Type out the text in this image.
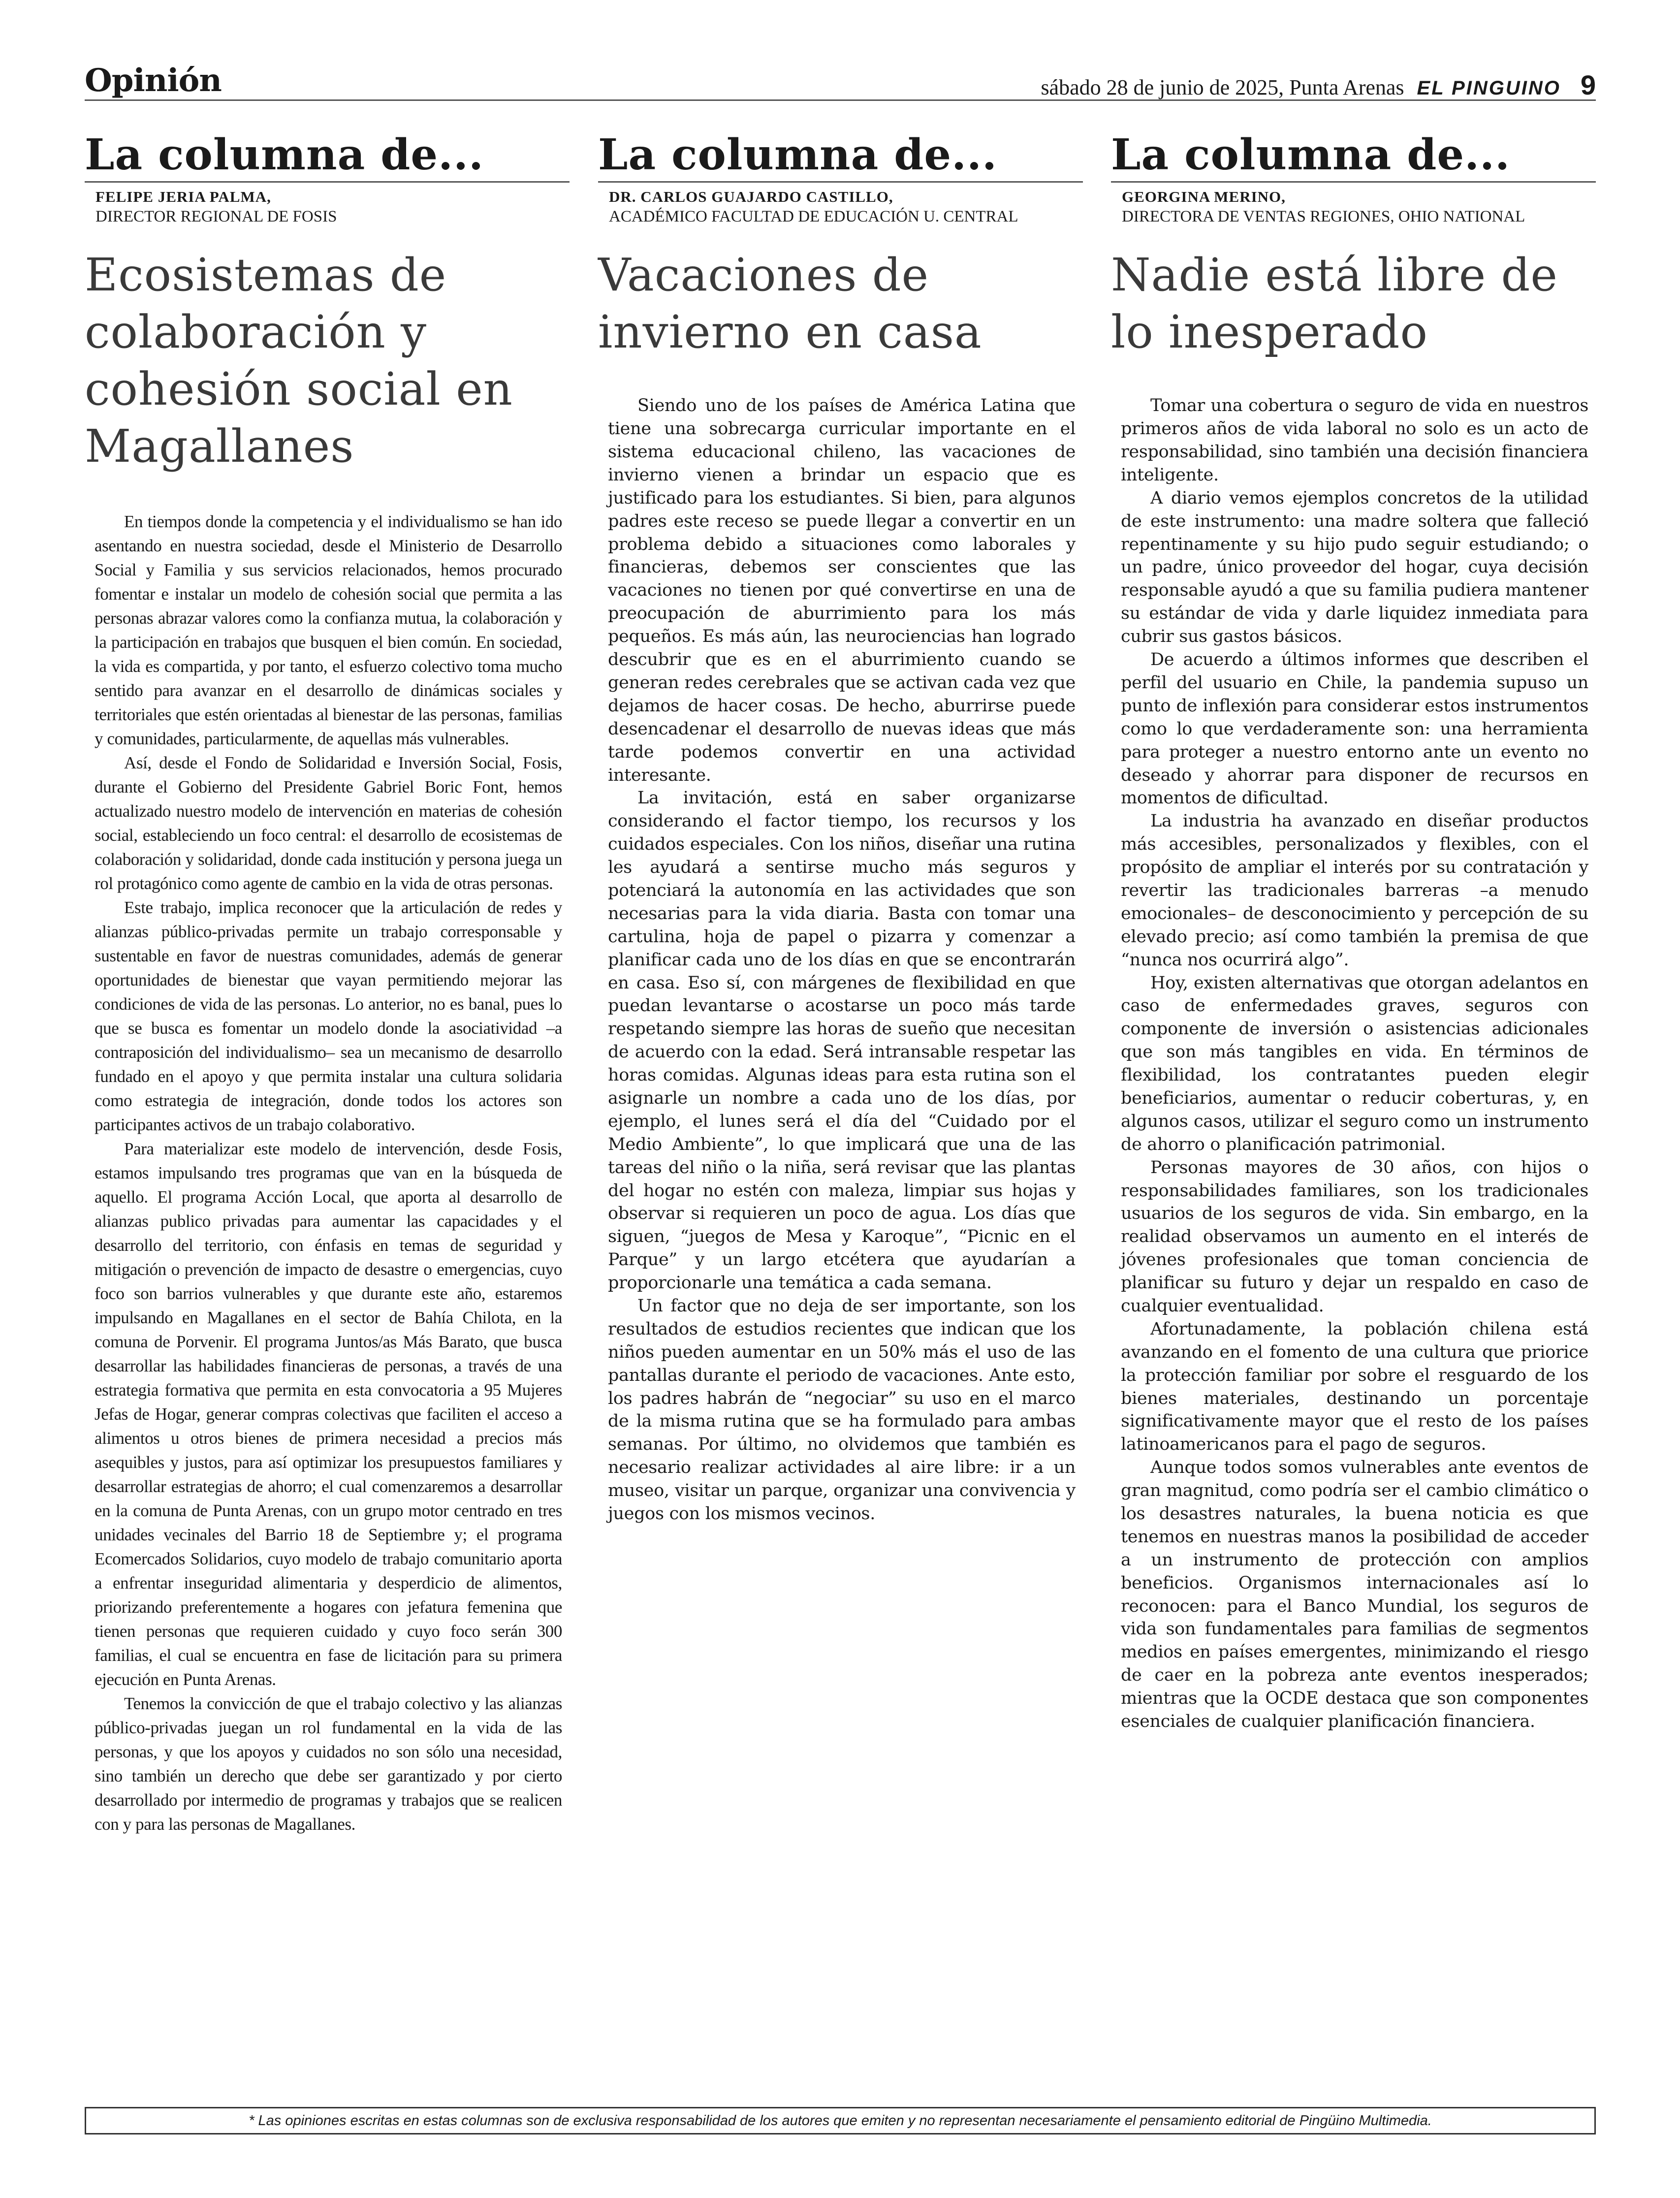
Opinión	sábado 28 de junio de 2025, Punta Arenas EL PINGUINO 9
La columna de...
FELIPE JERIA PALMA,
DIRECTOR REGIONAL DE FOSIS
Ecosistemas de colaboración y cohesión social en Magallanes

En tiempos donde la competencia y el individualismo se han ido asentando en nuestra sociedad, desde el Ministerio de Desarrollo Social y Familia y sus servicios relacionados, hemos procurado fomentar e instalar un modelo de cohesión social que permita a las personas abrazar valores como la confianza mutua, la colaboración y la participación en trabajos que busquen el bien común. En sociedad, la vida es compartida, y por tanto, el esfuerzo colectivo toma mucho sentido para avanzar en el desarrollo de dinámicas sociales y territoriales que estén orientadas al bienestar de las personas, familias y comunidades, particularmente, de aquellas más vulnerables.

Así, desde el Fondo de Solidaridad e Inversión Social, Fosis, durante el Gobierno del Presidente Gabriel Boric Font, hemos actualizado nuestro modelo de intervención en materias de cohesión social, estableciendo un foco central: el desarrollo de ecosistemas de colaboración y solidaridad, donde cada institución y persona juega un rol protagónico como agente de cambio en la vida de otras personas.

Este trabajo, implica reconocer que la articulación de redes y alianzas público-privadas permite un trabajo corresponsable y sustentable en favor de nuestras comunidades, además de generar oportunidades de bienestar que vayan permitiendo mejorar las condiciones de vida de las personas. Lo anterior, no es banal, pues lo que se busca es fomentar un modelo donde la asociatividad –a contraposición del individualismo– sea un mecanismo de desarrollo fundado en el apoyo y que permita instalar una cultura solidaria como estrategia de integración, donde todos los actores son participantes activos de un trabajo colaborativo.

Para materializar este modelo de intervención, desde Fosis, estamos impulsando tres programas que van en la búsqueda de aquello. El programa Acción Local, que aporta al desarrollo de alianzas publico privadas para aumentar las capacidades y el desarrollo del territorio, con énfasis en temas de seguridad y mitigación o prevención de impacto de desastre o emergencias, cuyo foco son barrios vulnerables y que durante este año, estaremos impulsando en Magallanes en el sector de Bahía Chilota, en la comuna de Porvenir. El programa Juntos/as Más Barato, que busca desarrollar las habilidades financieras de personas, a través de una estrategia formativa que permita en esta convocatoria a 95 Mujeres Jefas de Hogar, generar compras colectivas que faciliten el acceso a alimentos u otros bienes de primera necesidad a precios más asequibles y justos, para así optimizar los presupuestos familiares y desarrollar estrategias de ahorro; el cual comenzaremos a desarrollar en la comuna de Punta Arenas, con un grupo motor centrado en tres unidades vecinales del Barrio 18 de Septiembre y; el programa Ecomercados Solidarios, cuyo modelo de trabajo comunitario aporta a enfrentar inseguridad alimentaria y desperdicio de alimentos, priorizando preferentemente a hogares con jefatura femenina que tienen personas que requieren cuidado y cuyo foco serán 300 familias, el cual se encuentra en fase de licitación para su primera ejecución en Punta Arenas.

Tenemos la convicción de que el trabajo colectivo y las alianzas público-privadas juegan un rol fundamental en la vida de las personas, y que los apoyos y cuidados no son sólo una necesidad, sino también un derecho que debe ser garantizado y por cierto desarrollado por intermedio de programas y trabajos que se realicen con y para las personas de Magallanes.

La columna de...
DR. CARLOS GUAJARDO CASTILLO,
ACADÉMICO FACULTAD DE EDUCACIÓN U. CENTRAL
Vacaciones de invierno en casa

Siendo uno de los países de América Latina que tiene una sobrecarga curricular importante en el sistema educacional chileno, las vacaciones de invierno vienen a brindar un espacio que es justificado para los estudiantes. Si bien, para algunos padres este receso se puede llegar a convertir en un problema debido a situaciones como laborales y financieras, debemos ser conscientes que las vacaciones no tienen por qué convertirse en una de preocupación de aburrimiento para los más pequeños. Es más aún, las neurociencias han logrado descubrir que es en el aburrimiento cuando se generan redes cerebrales que se activan cada vez que dejamos de hacer cosas. De hecho, aburrirse puede desencadenar el desarrollo de nuevas ideas que más tarde podemos convertir en una actividad interesante.

La invitación, está en saber organizarse considerando el factor tiempo, los recursos y los cuidados especiales. Con los niños, diseñar una rutina les ayudará a sentirse mucho más seguros y potenciará la autonomía en las actividades que son necesarias para la vida diaria. Basta con tomar una cartulina, hoja de papel o pizarra y comenzar a planificar cada uno de los días en que se encontrarán en casa. Eso sí, con márgenes de flexibilidad en que puedan levantarse o acostarse un poco más tarde respetando siempre las horas de sueño que necesitan de acuerdo con la edad. Será intransable respetar las horas comidas. Algunas ideas para esta rutina son el asignarle un nombre a cada uno de los días, por ejemplo, el lunes será el día del “Cuidado por el Medio Ambiente”, lo que implicará que una de las tareas del niño o la niña, será revisar que las plantas del hogar no estén con maleza, limpiar sus hojas y observar si requieren un poco de agua. Los días que siguen, “juegos de Mesa y Karoque”, “Picnic en el Parque” y un largo etcétera que ayudarían a proporcionarle una temática a cada semana.

Un factor que no deja de ser importante, son los resultados de estudios recientes que indican que los niños pueden aumentar en un 50% más el uso de las pantallas durante el periodo de vacaciones. Ante esto, los padres habrán de “negociar” su uso en el marco de la misma rutina que se ha formulado para ambas semanas. Por último, no olvidemos que también es necesario realizar actividades al aire libre: ir a un museo, visitar un parque, organizar una convivencia y juegos con los mismos vecinos.

La columna de...
GEORGINA MERINO,
DIRECTORA DE VENTAS REGIONES, OHIO NATIONAL
Nadie está libre de lo inesperado

Tomar una cobertura o seguro de vida en nuestros primeros años de vida laboral no solo es un acto de responsabilidad, sino también una decisión financiera inteligente.

A diario vemos ejemplos concretos de la utilidad de este instrumento: una madre soltera que falleció repentinamente y su hijo pudo seguir estudiando; o un padre, único proveedor del hogar, cuya decisión responsable ayudó a que su familia pudiera mantener su estándar de vida y darle liquidez inmediata para cubrir sus gastos básicos.

De acuerdo a últimos informes que describen el perfil del usuario en Chile, la pandemia supuso un punto de inflexión para considerar estos instrumentos como lo que verdaderamente son: una herramienta para proteger a nuestro entorno ante un evento no deseado y ahorrar para disponer de recursos en momentos de dificultad.

La industria ha avanzado en diseñar productos más accesibles, personalizados y flexibles, con el propósito de ampliar el interés por su contratación y revertir las tradicionales barreras –a menudo emocionales– de desconocimiento y percepción de su elevado precio; así como también la premisa de que “nunca nos ocurrirá algo”.

Hoy, existen alternativas que otorgan adelantos en caso de enfermedades graves, seguros con componente de inversión o asistencias adicionales que son más tangibles en vida. En términos de flexibilidad, los contratantes pueden elegir beneficiarios, aumentar o reducir coberturas, y, en algunos casos, utilizar el seguro como un instrumento de ahorro o planificación patrimonial.

Personas mayores de 30 años, con hijos o responsabilidades familiares, son los tradicionales usuarios de los seguros de vida. Sin embargo, en la realidad observamos un aumento en el interés de jóvenes profesionales que toman conciencia de planificar su futuro y dejar un respaldo en caso de cualquier eventualidad.

Afortunadamente, la población chilena está avanzando en el fomento de una cultura que priorice la protección familiar por sobre el resguardo de los bienes materiales, destinando un porcentaje significativamente mayor que el resto de los países latinoamericanos para el pago de seguros.

Aunque todos somos vulnerables ante eventos de gran magnitud, como podría ser el cambio climático o los desastres naturales, la buena noticia es que tenemos en nuestras manos la posibilidad de acceder a un instrumento de protección con amplios beneficios. Organismos internacionales así lo reconocen: para el Banco Mundial, los seguros de vida son fundamentales para familias de segmentos medios en países emergentes, minimizando el riesgo de caer en la pobreza ante eventos inesperados; mientras que la OCDE destaca que son componentes esenciales de cualquier planificación financiera.

* Las opiniones escritas en estas columnas son de exclusiva responsabilidad de los autores que emiten y no representan necesariamente el pensamiento editorial de Pingüino Multimedia.
